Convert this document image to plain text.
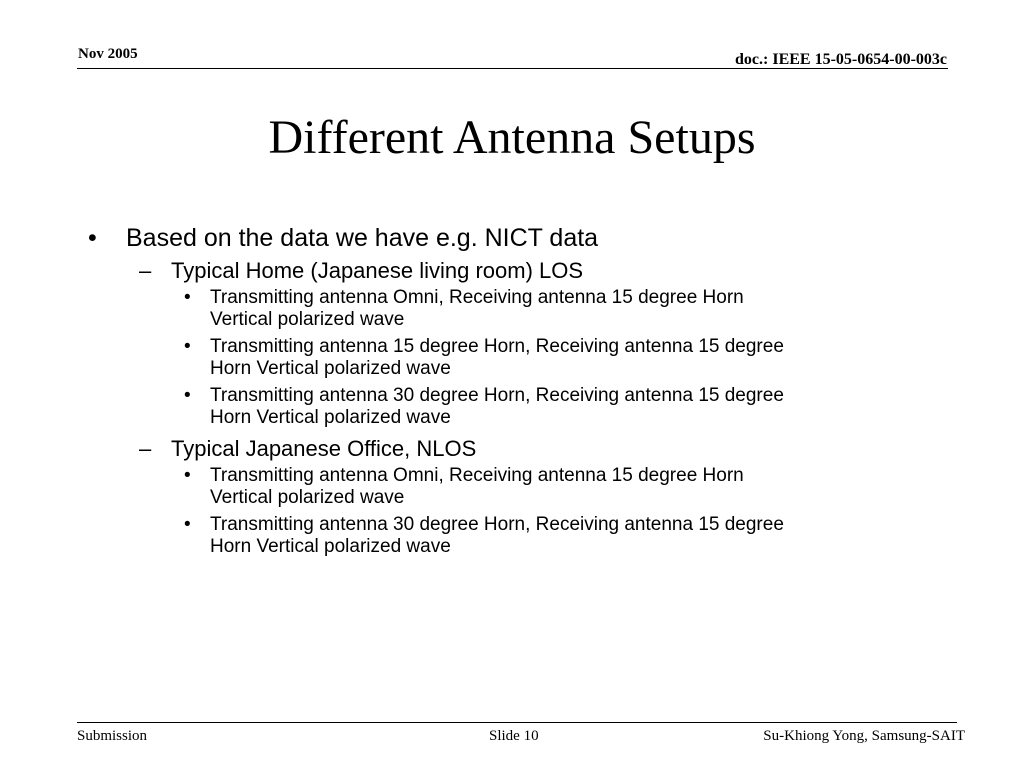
Nov 2005	doc.: IEEE 15-05-0654-00-003c
Different Antenna Setups
• Based on the data we have e.g. NICT data
– Typical Home (Japanese living room) LOS
• Transmitting antenna Omni, Receiving antenna 15 degree Horn
Vertical polarized wave
• Transmitting antenna 15 degree Horn, Receiving antenna 15 degree
Horn Vertical polarized wave
• Transmitting antenna 30 degree Horn, Receiving antenna 15 degree
Horn Vertical polarized wave
– Typical Japanese Office, NLOS
• Transmitting antenna Omni, Receiving antenna 15 degree Horn
Vertical polarized wave
• Transmitting antenna 30 degree Horn, Receiving antenna 15 degree
Horn Vertical polarized wave
Submission	Slide 10	Su-Khiong Yong, Samsung-SAIT
